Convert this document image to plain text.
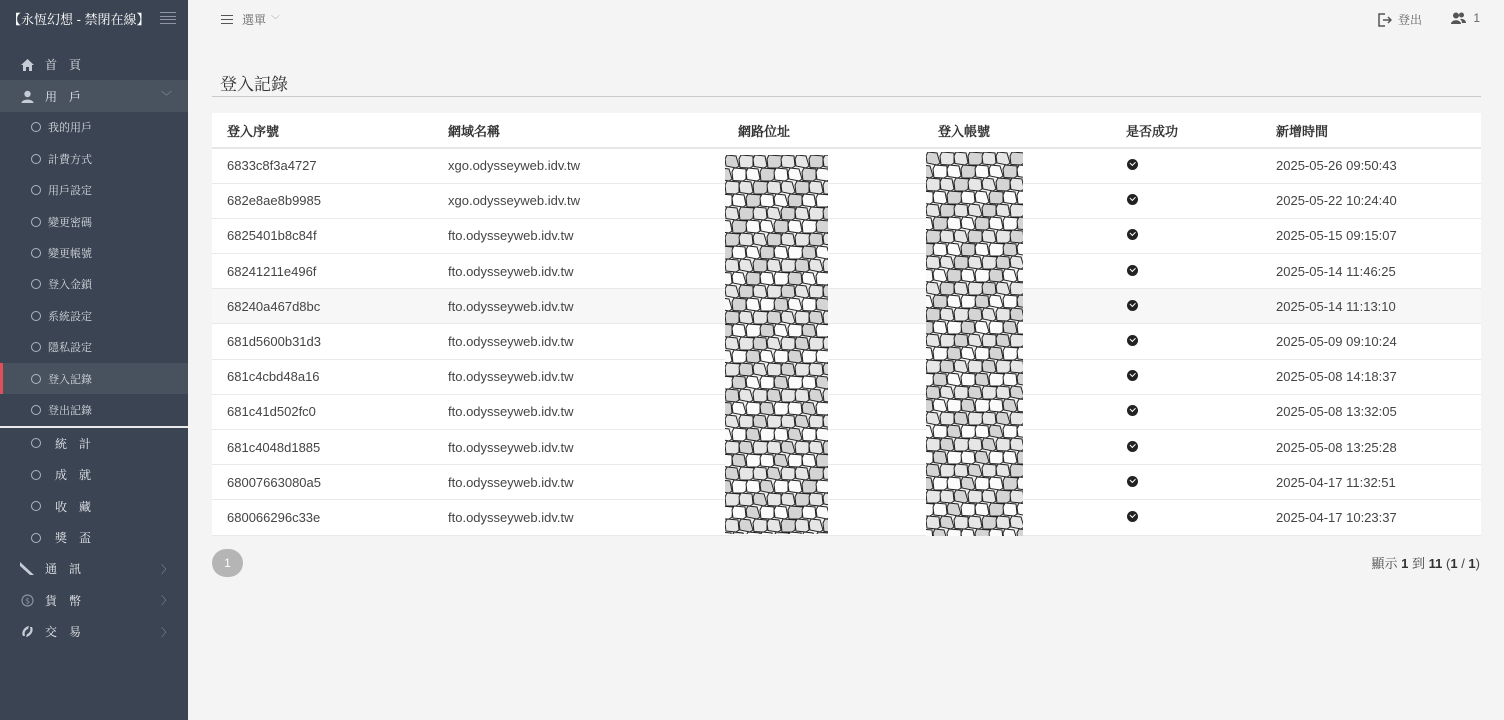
【永恆幻想 - 禁閉在線】
首頁
用戶	﹀
我的用戶
計費方式
用戶設定
變更密碼
變更帳號
登入金鎖
系統設定
隱私設定
登入記錄
登出記錄
統計
成就
收藏
獎盃
通訊	〉
$ 貨幣	〉
交易	〉
選單 ﹀	登出	1
登入記錄
登入序號	網域名稱	網路位址	登入帳號	是否成功	新增時間
6833c8f3a4727	xgo.odysseyweb.idv.tw				2025-05-26 09:50:43
682e8ae8b9985	xgo.odysseyweb.idv.tw				2025-05-22 10:24:40
6825401b8c84f	fto.odysseyweb.idv.tw				2025-05-15 09:15:07
68241211e496f	fto.odysseyweb.idv.tw				2025-05-14 11:46:25
68240a467d8bc	fto.odysseyweb.idv.tw				2025-05-14 11:13:10
681d5600b31d3	fto.odysseyweb.idv.tw				2025-05-09 09:10:24
681c4cbd48a16	fto.odysseyweb.idv.tw				2025-05-08 14:18:37
681c41d502fc0	fto.odysseyweb.idv.tw				2025-05-08 13:32:05
681c4048d1885	fto.odysseyweb.idv.tw				2025-05-08 13:25:28
68007663080a5	fto.odysseyweb.idv.tw				2025-04-17 11:32:51
680066296c33e	fto.odysseyweb.idv.tw				2025-04-17 10:23:37
1	顯示 1 到 11 (1 / 1)
